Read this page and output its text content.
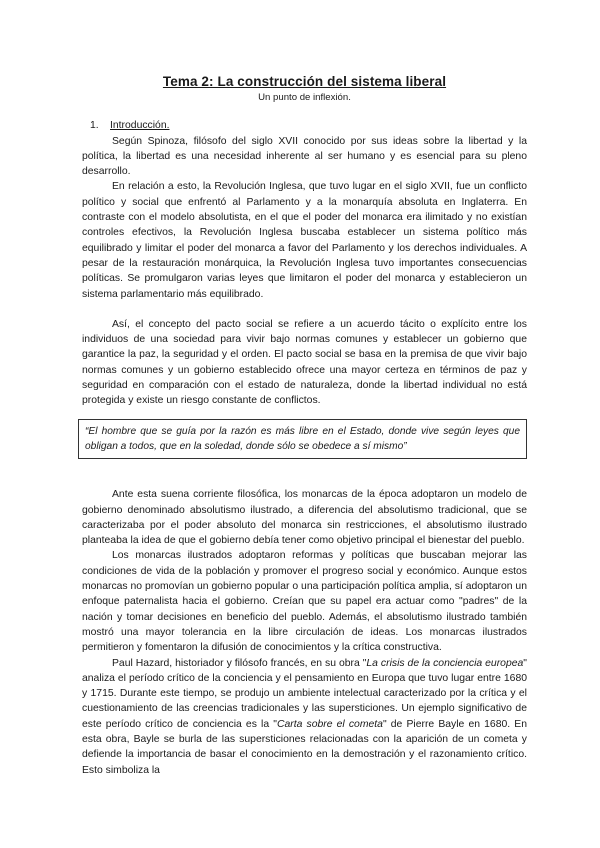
Tema 2: La construcción del sistema liberal
Un punto de inflexión.
1. Introducción.

Según Spinoza, filósofo del siglo XVII conocido por sus ideas sobre la libertad y la política, la libertad es una necesidad inherente al ser humano y es esencial para su pleno desarrollo.

En relación a esto, la Revolución Inglesa, que tuvo lugar en el siglo XVII, fue un conflicto político y social que enfrentó al Parlamento y a la monarquía absoluta en Inglaterra. En contraste con el modelo absolutista, en el que el poder del monarca era ilimitado y no existían controles efectivos, la Revolución Inglesa buscaba establecer un sistema político más equilibrado y limitar el poder del monarca a favor del Parlamento y los derechos individuales. A pesar de la restauración monárquica, la Revolución Inglesa tuvo importantes consecuencias políticas. Se promulgaron varias leyes que limitaron el poder del monarca y establecieron un sistema parlamentario más equilibrado.

Así, el concepto del pacto social se refiere a un acuerdo tácito o explícito entre los individuos de una sociedad para vivir bajo normas comunes y establecer un gobierno que garantice la paz, la seguridad y el orden. El pacto social se basa en la premisa de que vivir bajo normas comunes y un gobierno establecido ofrece una mayor certeza en términos de paz y seguridad en comparación con el estado de naturaleza, donde la libertad individual no está protegida y existe un riesgo constante de conflictos.

“El hombre que se guía por la razón es más libre en el Estado, donde vive según leyes que obligan a todos, que en la soledad, donde sólo se obedece a sí mismo”

Ante esta suena corriente filosófica, los monarcas de la época adoptaron un modelo de gobierno denominado absolutismo ilustrado, a diferencia del absolutismo tradicional, que se caracterizaba por el poder absoluto del monarca sin restricciones, el absolutismo ilustrado planteaba la idea de que el gobierno debía tener como objetivo principal el bienestar del pueblo.

Los monarcas ilustrados adoptaron reformas y políticas que buscaban mejorar las condiciones de vida de la población y promover el progreso social y económico. Aunque estos monarcas no promovían un gobierno popular o una participación política amplia, sí adoptaron un enfoque paternalista hacia el gobierno. Creían que su papel era actuar como "padres" de la nación y tomar decisiones en beneficio del pueblo. Además, el absolutismo ilustrado también mostró una mayor tolerancia en la libre circulación de ideas. Los monarcas ilustrados permitieron y fomentaron la difusión de conocimientos y la crítica constructiva.

Paul Hazard, historiador y filósofo francés, en su obra "La crisis de la conciencia europea" analiza el período crítico de la conciencia y el pensamiento en Europa que tuvo lugar entre 1680 y 1715. Durante este tiempo, se produjo un ambiente intelectual caracterizado por la crítica y el cuestionamiento de las creencias tradicionales y las supersticiones. Un ejemplo significativo de este período crítico de conciencia es la "Carta sobre el cometa" de Pierre Bayle en 1680. En esta obra, Bayle se burla de las supersticiones relacionadas con la aparición de un cometa y defiende la importancia de basar el conocimiento en la demostración y el razonamiento crítico. Esto simboliza la
